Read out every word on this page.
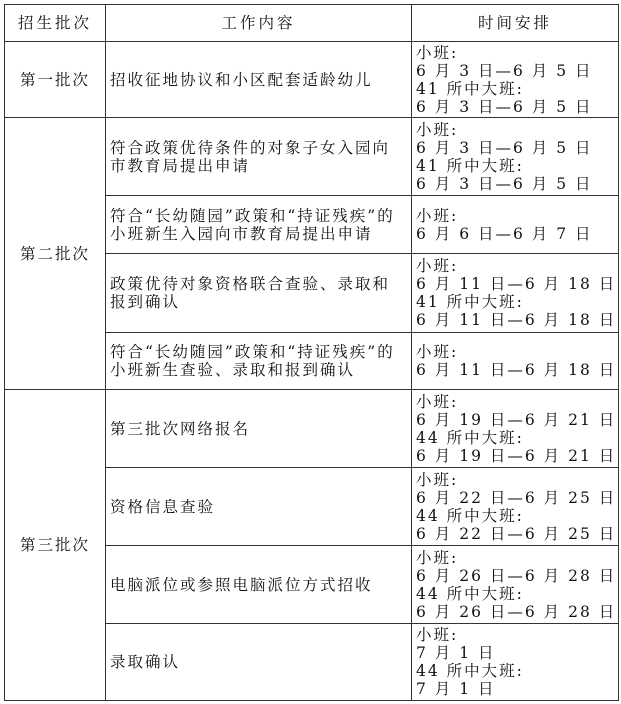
招生批次	工作内容	时间安排
第一批次	招收征地协议和小区配套适龄幼儿	小班:
6 月 3 日—6 月 5 日
41 所中大班:
6 月 3 日—6 月 5 日

第二批次	符合政策优待条件的对象子女入园向市教育局提出申请	小班:
6 月 3 日—6 月 5 日
41 所中大班:
6 月 3 日—6 月 5 日

	符合“长幼随园”政策和“持证残疾”的小班新生入园向市教育局提出申请	小班:
6 月 6 日—6 月 7 日

	政策优待对象资格联合查验、录取和报到确认	小班:
6 月 11 日—6 月 18 日
41 所中大班:
6 月 11 日—6 月 18 日

	符合“长幼随园”政策和“持证残疾”的小班新生查验、录取和报到确认	小班:
6 月 11 日—6 月 18 日

第三批次	第三批次网络报名	小班:
6 月 19 日—6 月 21 日
44 所中大班:
6 月 19 日—6 月 21 日

	资格信息查验	小班:
6 月 22 日—6 月 25 日
44 所中大班:
6 月 22 日—6 月 25 日

	电脑派位或参照电脑派位方式招收	小班:
6 月 26 日—6 月 28 日
44 所中大班:
6 月 26 日—6 月 28 日

	录取确认	小班:
7 月 1 日
44 所中大班:
7 月 1 日
